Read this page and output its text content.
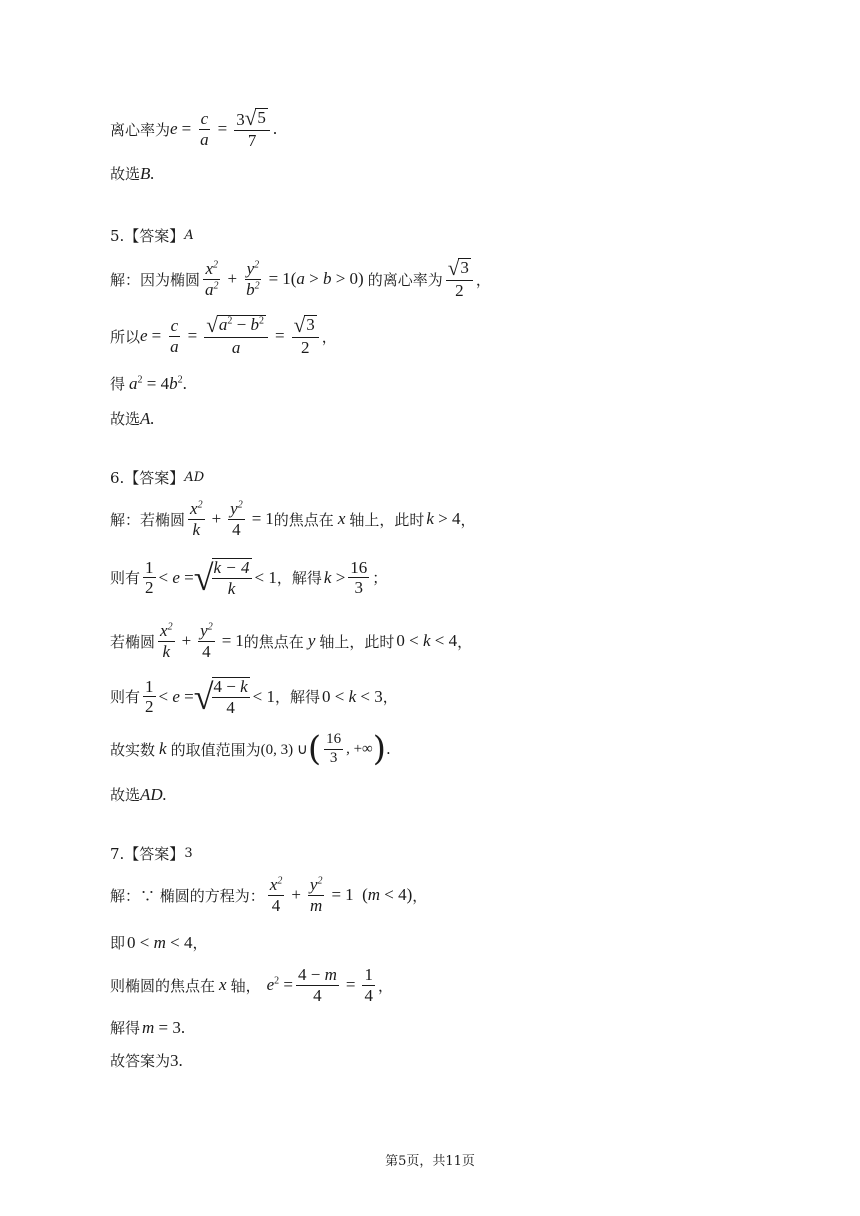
离心率为 $e = \frac{c}{a} = \frac{3 √ 5}{7}$ .
故选 B.
5.【答案】 A
解：因为椭圆 $\frac{x^2}{a^2} + \frac{y^2}{b^2} = 1(a > b > 0)$ 的离心率为 $\frac{√ 3}{2}$ ，
所以 $e = \frac{c}{a} = \frac{√ a^2 - b^2}{a} = \frac{√ 3}{2}$ ，
得 $a^2 = 4b^2$.
故选 A.
6.【答案】 AD
解：若椭圆 $\frac{x^2}{k} + \frac{y^2}{4} = 1$ 的焦点在 x 轴上，此时 k > 4 ，
则有 $\frac{1}{2} < e$ = √
$\frac{k - 4}{k} < 1$ ，解得 $k > \frac{16}{3}$ ；
若椭圆 $\frac{x^2}{k} + \frac{y^2}{4} = 1$ 的焦点在 y 轴上，此时 0 < k < 4 ，
则有 $\frac{1}{2} < e$ = √
$\frac{4 - k}{4} < 1$ ，解得 0 < k < 3 ，
故实数 k 的取值范围为 (0, 3) ∪ ( $\frac{16}{3}$ , +∞ ) .
故选 AD.
7.【答案】 3
解：∵ 椭圆的方程为： $\frac{x^2}{4} + \frac{y^2}{m} = 1$  (m < 4) ，
即 0 < m < 4 ，
则椭圆的焦点在 x 轴， $e^2 = \frac{4 - m}{4} = \frac{1}{4}$ ，
解得 m = 3.
故答案为 3.
第5页，共11页
